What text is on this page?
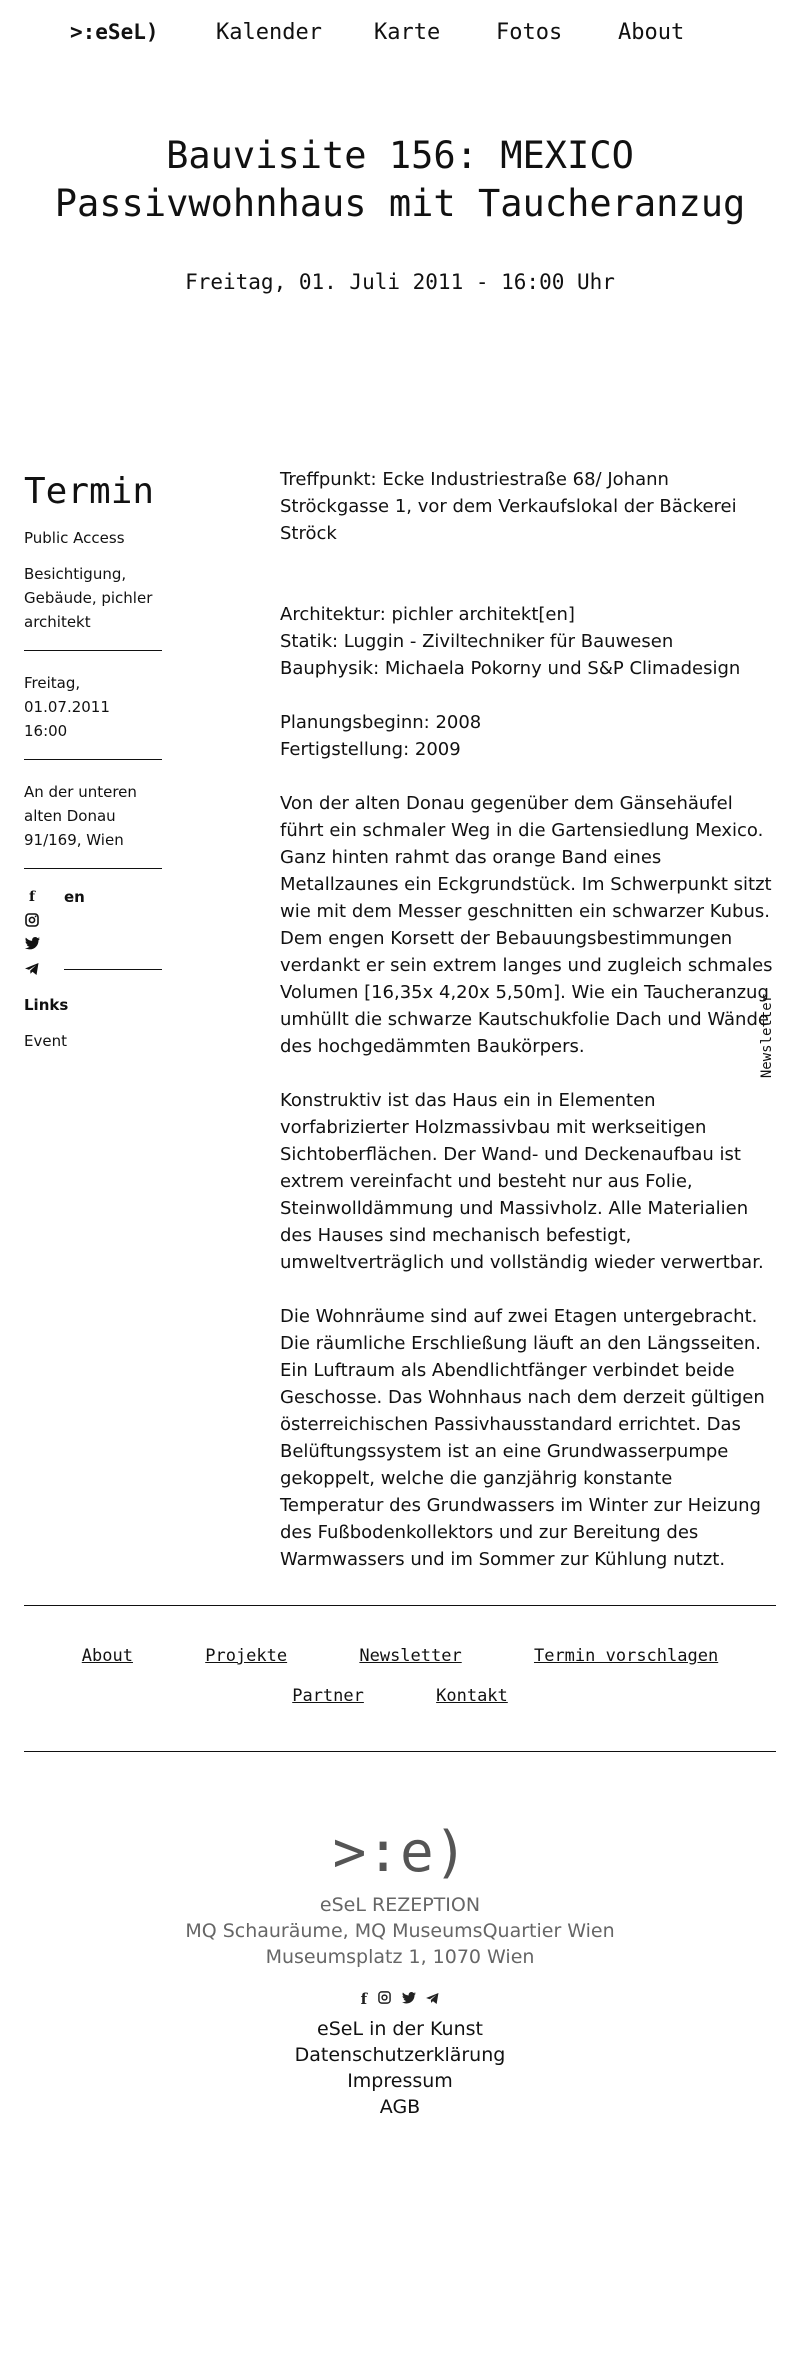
>:eSeL)	Kalender Karte	Fotos	About
Bauvisite 156: MEXICO Passivwohnhaus mit Taucheranzug
Freitag, 01. Juli 2011 - 16:00 Uhr
Termin

Public Access

Besichtigung, Gebäude, pichler architekt

Freitag, 01.07.2011
16:00

An der unteren
alten Donau
91/169, Wien

f	en

Links

Event

Treffpunkt: Ecke Industriestraße 68/ Johann Ströckgasse 1, vor dem Verkaufslokal der Bäckerei Ströck

Architektur: pichler architekt[en]
Statik: Luggin - Ziviltechniker für Bauwesen
Bauphysik: Michaela Pokorny und S&P Climadesign

Planungsbeginn: 2008
Fertigstellung: 2009

Von der alten Donau gegenüber dem Gänsehäufel führt ein schmaler Weg in die Gartensiedlung Mexico. Ganz hinten rahmt das orange Band eines Metallzaunes ein Eckgrundstück. Im Schwerpunkt sitzt wie mit dem Messer geschnitten ein schwarzer Kubus. Dem engen Korsett der Bebauungsbestimmungen verdankt er sein extrem langes und zugleich schmales Volumen [16,35x 4,20x 5,50m]. Wie ein Taucheranzug umhüllt die schwarze Kautschukfolie Dach und Wände des hochgedämmten Baukörpers.

Konstruktiv ist das Haus ein in Elementen vorfabrizierter Holzmassivbau mit werkseitigen Sichtoberflächen. Der Wand- und Deckenaufbau ist extrem vereinfacht und besteht nur aus Folie, Steinwolldämmung und Massivholz. Alle Materialien des Hauses sind mechanisch befestigt, umweltverträglich und vollständig wieder verwertbar.

Die Wohnräume sind auf zwei Etagen untergebracht. Die räumliche Erschließung läuft an den Längsseiten. Ein Luftraum als Abendlichtfänger verbindet beide Geschosse. Das Wohnhaus nach dem derzeit gültigen österreichischen Passivhausstandard errichtet. Das Belüftungssystem ist an eine Grundwasserpumpe gekoppelt, welche die ganzjährig konstante Temperatur des Grundwassers im Winter zur Heizung des Fußbodenkollektors und zur Bereitung des Warmwassers und im Sommer zur Kühlung nutzt.

Newsletter
About	Projekte	Newsletter	Termin vorschlagen
Partner	Kontakt
>:e)
eSeL REZEPTION
MQ Schauräume, MQ MuseumsQuartier Wien
Museumsplatz 1, 1070 Wien
f
eSeL in der Kunst
Datenschutzerklärung
Impressum
AGB
